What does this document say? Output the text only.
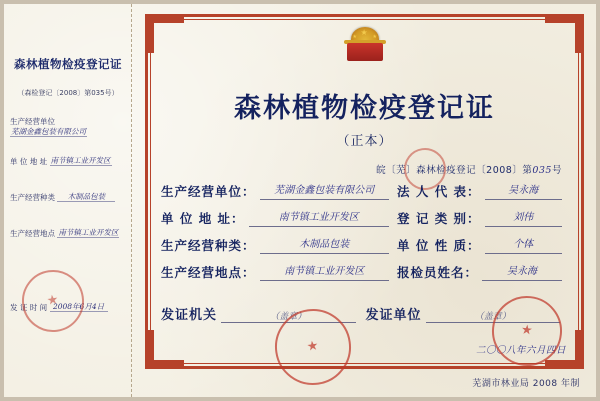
森林植物检疫登记证
（森检登记〔2008〕第035号）
生产经营单位 芜湖金鑫包装有限公司
单 位 地 址 南节镇工业开发区
生产经营种类 木制品包装
生产经营地点 南节镇工业开发区
发 证 时 间 2008年6月4日
★
★
★	★
森林植物检疫登记证
（正本）
皖〔芜〕森林检疫登记〔2008〕第035号
生产经营单位：	芜湖金鑫包装有限公司	法 人 代 表：	吴永海
单 位 地 址：	南节镇工业开发区	登 记 类 别：	刘伟
生产经营种类：	木制品包装	单 位 性 质：	个体
生产经营地点：	南节镇工业开发区	报检员姓名：	吴永海
发证机关	（盖章）	发证单位	（盖章）
二〇〇八年六月四日
★
★
芜湖市林业局 2008 年制
